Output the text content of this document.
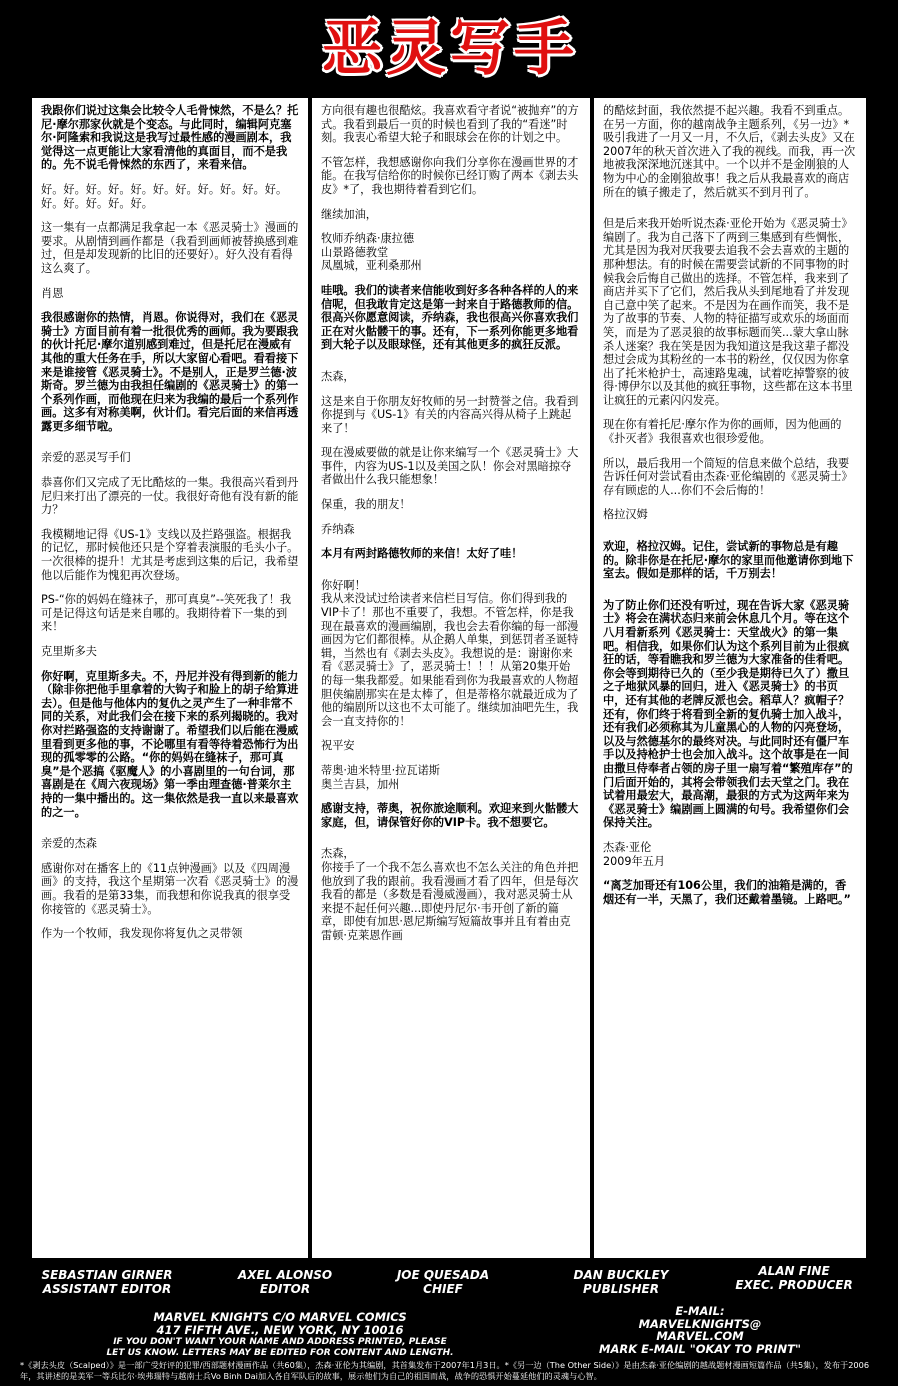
恶灵写手

我跟你们说过这集会比较令人毛骨悚然，不是么？托尼·摩尔那家伙就是个变态。与此同时，编辑阿克塞尔·阿隆索和我说这是我写过最性感的漫画剧本，我觉得这一点更能让大家看清他的真面目，而不是我的。先不说毛骨悚然的东西了，来看来信。

好。好。好。好。好。好。好。好。好。好。好。好。好。好。好。好。

这一集有一点都满足我拿起一本《恶灵骑士》漫画的要求。从剧情到画作都是（我看到画师被替换感到难过，但是却发现新的比旧的还要好）。好久没有看得这么爽了。

肖恩

我很感谢你的热情，肖恩。你说得对，我们在《恶灵骑士》方面目前有着一批很优秀的画师。我为要跟我的伙计托尼·摩尔道别感到难过，但是托尼在漫威有其他的重大任务在手，所以大家留心看吧。看看接下来是谁接管《恶灵骑士》。不是别人，正是罗兰德·波斯奇。罗兰德为由我担任编剧的《恶灵骑士》的第一个系列作画，而他现在归来为我编的最后一个系列作画。这多有对称美啊，伙计们。看完后面的来信再透露更多细节啦。

亲爱的恶灵写手们

恭喜你们又完成了无比酷炫的一集。我很高兴看到丹尼归来打出了漂亮的一仗。我很好奇他有没有新的能力？

我模糊地记得《US-1》支线以及拦路强盗。根据我的记忆，那时候他还只是个穿着表演服的毛头小子。一次很棒的提升！尤其是考虑到这集的后记，我希望他以后能作为愧犯再次登场。

PS-“你的妈妈在缝袜子，那可真臭”--笑死我了！我可是记得这句话是来自哪的。我期待着下一集的到来！

克里斯多夫

你好啊，克里斯多夫。不，丹尼并没有得到新的能力（除非你把他手里拿着的大钩子和脸上的胡子给算进去）。但是他与他体内的复仇之灵产生了一种非常不同的关系，对此我们会在接下来的系列揭晓的。我对你对拦路强盗的支持谢谢了。希望我们以后能在漫威里看到更多他的事，不论哪里有看等待着恐怖行为出现的孤零零的公路。“你的妈妈在缝袜子，那可真臭”是个恶搞《驱魔人》的小喜剧里的一句台词，那喜剧是在《周六夜现场》第一季由理查德·普莱尔主持的一集中播出的。这一集依然是我一直以来最喜欢的之一。

亲爱的杰森

感谢你对在播客上的《11点钟漫画》以及《四周漫画》的支持，我这个星期第一次看《恶灵骑士》的漫画。我看的是第33集，而我想和你说我真的很享受你接管的《恶灵骑士》。

作为一个牧师，我发现你将复仇之灵带领

方向很有趣也很酷炫。我喜欢看守者说“被抛弃”的方式。我看到最后一页的时候也看到了我的“看迷”时刻。我衷心希望大轮子和眼球会在你的计划之中。

不管怎样，我想感谢你向我们分享你在漫画世界的才能。在我写信给你的时候你已经订购了两本《剥去头皮》*了，我也期待着看到它们。

继续加油，

牧师乔纳森·康拉德
山景路德教堂
凤凰城，亚利桑那州

哇哦。我们的读者来信能收到好多各种各样的人的来信呢，但我敢肯定这是第一封来自于路德教师的信。很高兴你愿意阅读，乔纳森，我也很高兴你喜欢我们正在对火骷髅干的事。还有，下一系列你能更多地看到大轮子以及眼球怪，还有其他更多的疯狂反派。

杰森，

这是来自于你朋友好牧师的另一封赞誉之信。我看到你提到与《US-1》有关的内容高兴得从椅子上跳起来了！

现在漫威要做的就是让你来编写一个《恶灵骑士》大事件，内容为US-1以及美国之队！你会对黑暗掠夺者做出什么我只能想象！

保重，我的朋友！

乔纳森

本月有两封路德牧师的来信！太好了哇！

你好啊！
我从来没试过给读者来信栏目写信。你们得到我的VIP卡了！那也不重要了，我想。不管怎样，你是我现在最喜欢的漫画编剧，我也会去看你编的每一部漫画因为它们都很棒。从企鹅人单集，到惩罚者圣诞特辑，当然也有《剥去头皮》。我想说的是：谢谢你来看《恶灵骑士》了，恶灵骑士！！！从第20集开始的每一集我都爱。如果能看到你为我最喜欢的人物超胆侠编剧那实在是太棒了，但是蒂格尔就最近成为了他的编剧所以这也不太可能了。继续加油吧先生，我会一直支持你的！

祝平安

蒂奥·迪米特里·拉瓦诺斯
奥兰吉县，加州

感谢支持，蒂奥，祝你旅途顺利。欢迎来到火骷髅大家庭，但，请保管好你的VIP卡。我不想要它。

杰森，
你接手了一个我不怎么喜欢也不怎么关注的角色并把他放到了我的跟前。我看漫画才看了四年，但是每次我看的都是（多数是看漫威漫画），我对恶灵骑士从来提不起任何兴趣...即使丹尼尔·韦开创了新的篇章，即使有加思·恩尼斯编写短篇故事并且有着由克雷顿·克莱恩作画

的酷炫封面，我依然提不起兴趣。我看不到重点。在另一方面，你的越南战争主题系列，《另一边》*吸引我进了一月又一月，不久后，《剥去头皮》又在2007年的秋天首次进入了我的视线。而我，再一次地被我深深地沉迷其中。一个以并不是金刚狼的人物为中心的金刚狼故事！我之后从我最喜欢的商店所在的镇子搬走了，然后就买不到月刊了。

但是后来我开始听说杰森·亚伦开始为《恶灵骑士》编剧了。我为自己落下了两到三集感到有些惆怅，尤其是因为我对厌我要去追我不会去喜欢的主题的那种想法。有的时候在需要尝试新的不同事物的时候我会后悔自己做出的选择。不管怎样，我来到了商店并买下了它们，然后我从头到尾地看了并发现自己意中笑了起来。不是因为在画作而笑，我不是为了故事的节奏、人物的特征描写或欢乐的场面而笑，而是为了恶灵狼的故事标题而笑...蒙大拿山脉杀人迷案？我在笑是因为我知道这是我这辈子都没想过会成为其粉丝的一本书的粉丝，仅仅因为你拿出了托米枪护士，高速路鬼魂，试着吃掉警察的彼得·博伊尔以及其他的疯狂事物，这些都在这本书里让疯狂的元素闪闪发亮。

现在你有着托尼·摩尔作为你的画师，因为他画的《扑灭者》我很喜欢也很珍爱他。

所以，最后我用一个简短的信息来做个总结，我要告诉任何对尝试看由杰森·亚伦编剧的《恶灵骑士》存有顾虑的人...你们不会后悔的！

格拉汉姆

欢迎，格拉汉姆。记住，尝试新的事物总是有趣的。除非你是在托尼·摩尔的家里而他邀请你到地下室去。假如是那样的话，千万别去！

为了防止你们还没有听过，现在告诉大家《恶灵骑士》将会在满状态归来前会休息几个月。等在这个八月看新系列《恶灵骑士：天堂战火》的第一集吧。相信我，如果你们认为这个系列目前为止很疯狂的话，等看瞧我和罗兰德为大家准备的佳肴吧。你会等到期待已久的（至少我是期待已久了）撒旦之子地狱风暴的回归，进入《恶灵骑士》的书页中，还有其他的老牌反派也会。稻草人？疯帽子？还有，你们终于将看到全新的复仇骑士加入战斗，还有我们必须称其为儿童黑心的人物的闪亮登场，以及与然德基尔的最终对决。与此同时还有僵尸车手以及持枪护士也会加入战斗。这个故事是在一间由撒旦侍奉者占领的房子里一扇写着“繁殖库存”的门后面开始的，其将会带领我们去天堂之门。我在试着用最宏大，最高潮，最狠的方式为这两年来为《恶灵骑士》编剧画上圆满的句号。我希望你们会保持关注。

杰森·亚伦
2009年五月

“离芝加哥还有106公里，我们的油箱是满的，香烟还有一半，天黑了，我们还戴着墨镜。上路吧。”

SEBASTIAN GIRNER
ASSISTANT EDITOR
AXEL ALONSO
EDITOR
JOE QUESADA
CHIEF
DAN BUCKLEY
PUBLISHER
ALAN FINE
EXEC. PRODUCER
MARVEL KNIGHTS C/O MARVEL COMICS
417 FIFTH AVE., NEW YORK, NY 10016
IF YOU DON'T WANT YOUR NAME AND ADDRESS PRINTED, PLEASE
LET US KNOW. LETTERS MAY BE EDITED FOR CONTENT AND LENGTH.
E-MAIL:
MARVELKNIGHTS@
MARVEL.COM
MARK E-MAIL "OKAY TO PRINT"
*《剥去头皮（Scalped）》是一部广受好评的犯罪/西部题材漫画作品（共60集），杰森·亚伦为其编剧，其首集发布于2007年1月3日。*《另一边（The Other Side）》是由杰森·亚伦编剧的越战题材漫画短篇作品（共5集），发布于2006年，其讲述的是美军一等兵比尔·埃弗瑞特与越南士兵Vo Binh Dai加入各自军队后的故事，展示他们为自己的祖国而战，战争的恐惧开始蔓延他们的灵魂与心智。
